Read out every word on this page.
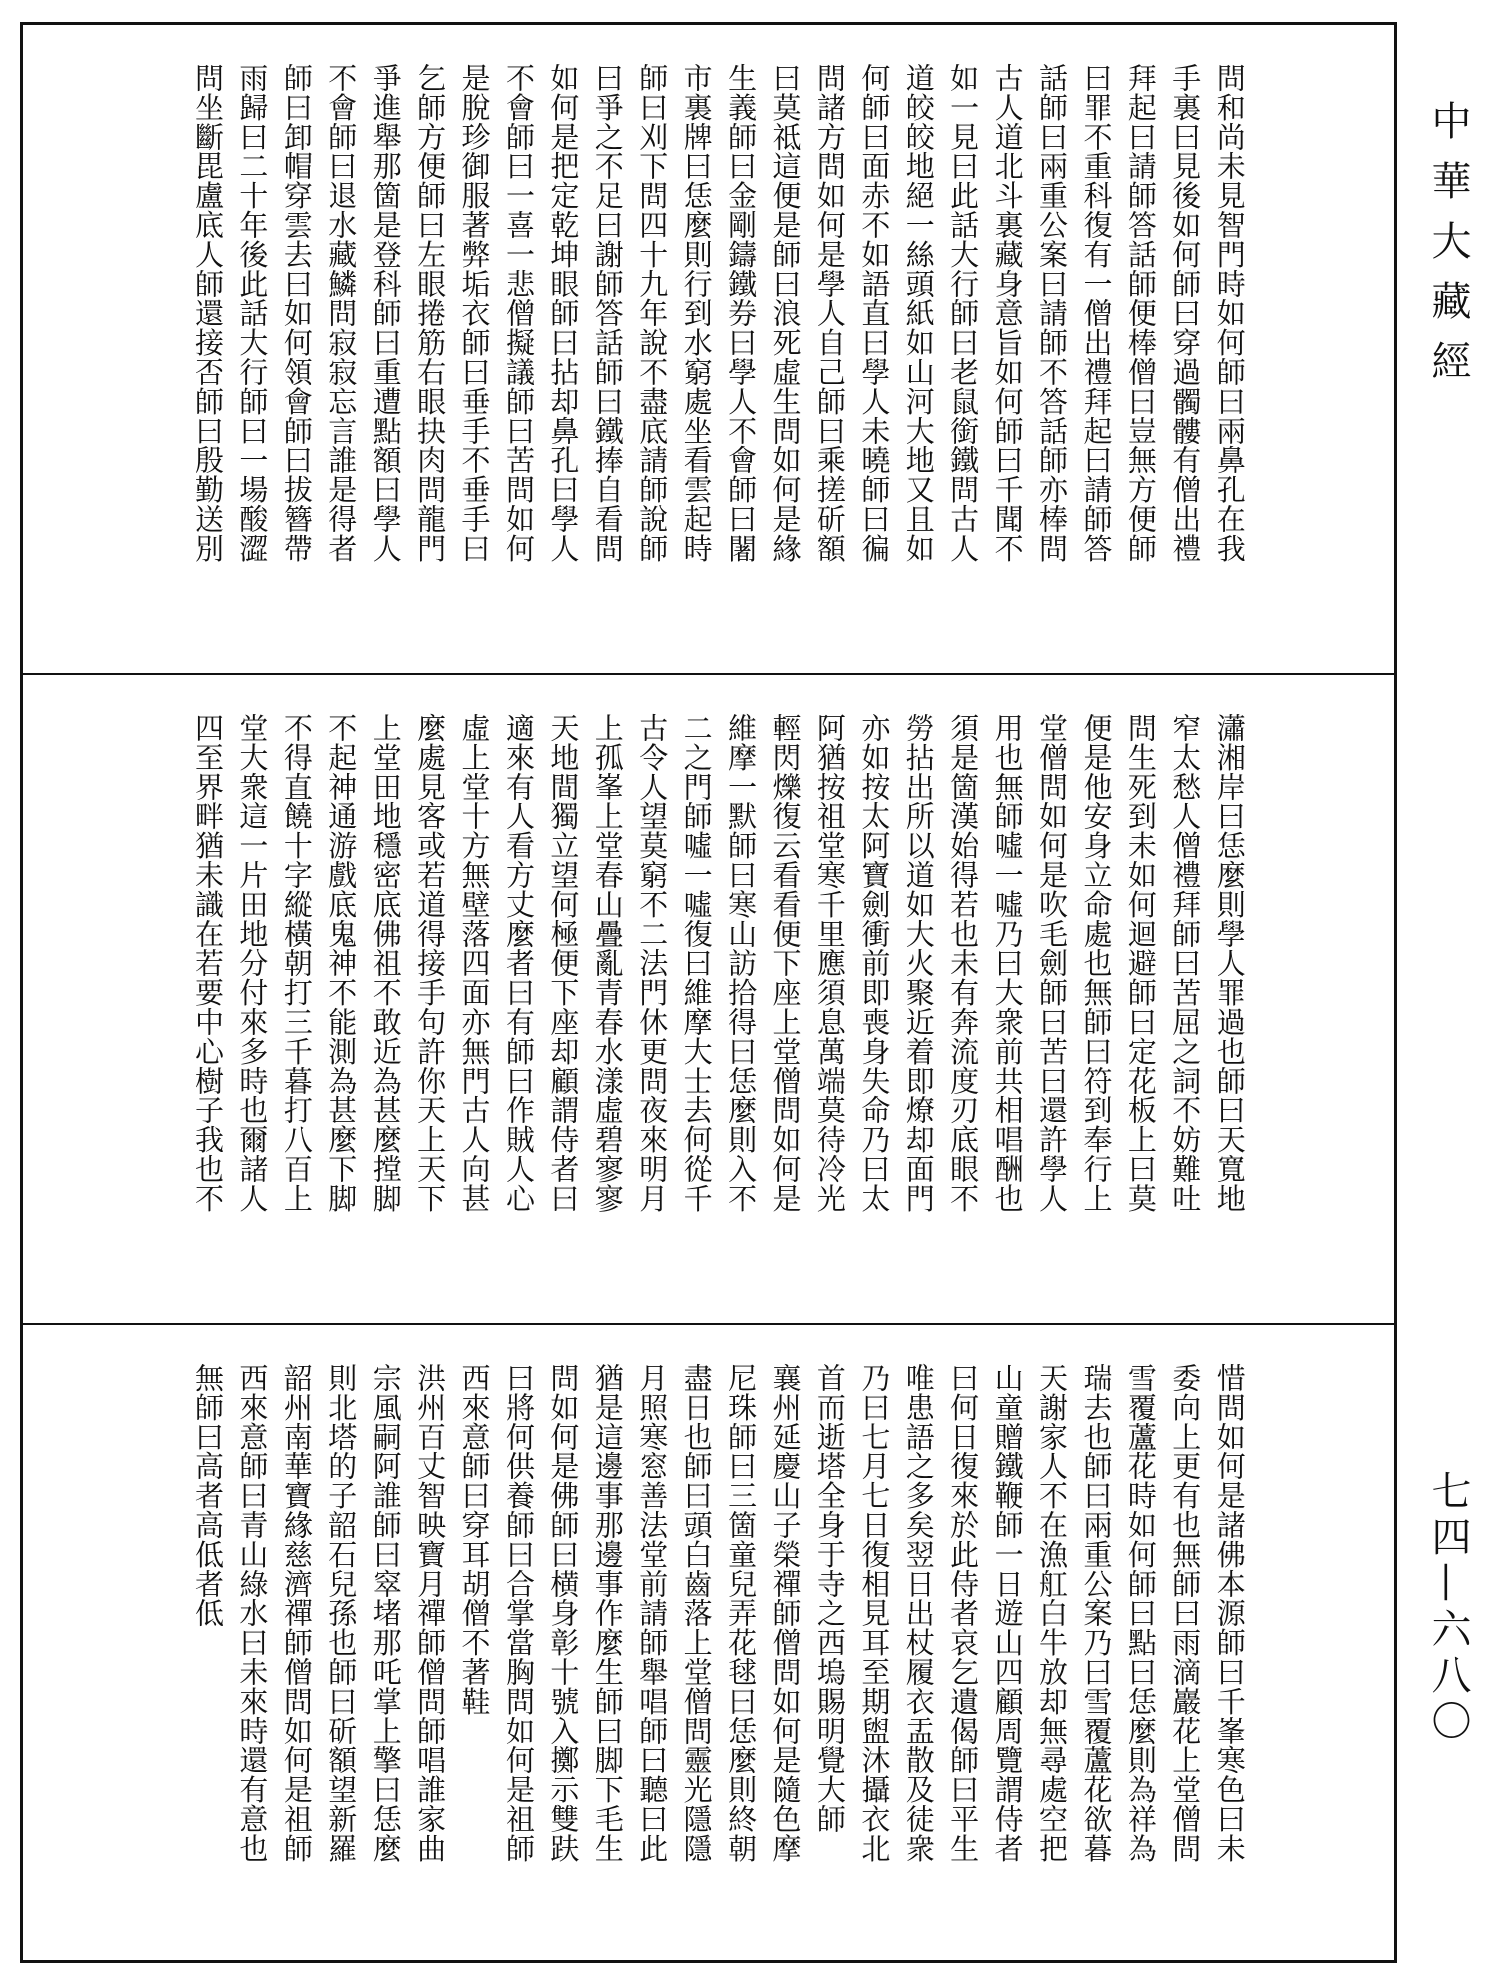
問和尚未見智門時如何師曰兩鼻孔在我
手裏曰見後如何師曰穿過髑髏有僧出禮
拜起曰請師答話師便棒僧曰豈無方便師
曰罪不重科復有一僧出禮拜起曰請師答
話師曰兩重公案曰請師不答話師亦棒問
古人道北斗裏藏身意旨如何師曰千聞不
如一見曰此話大行師曰老鼠銜鐵問古人
道皎皎地絕一絲頭紙如山河大地又且如
何師曰面赤不如語直曰學人未曉師曰徧
問諸方問如何是學人自己師曰乘搓斫額
曰莫祗這便是師曰浪死虛生問如何是緣
生義師曰金剛鑄鐵券曰學人不會師曰闍
市裏牌曰恁麼則行到水窮處坐看雲起時
師曰刈下問四十九年說不盡底請師說師
曰爭之不足曰謝師答話師曰鐵捧自看問
如何是把定乾坤眼師曰拈却鼻孔曰學人
不會師曰一喜一悲僧擬議師曰苦問如何
是脫珍御服著弊垢衣師曰垂手不垂手曰
乞師方便師曰左眼捲筋右眼抉肉問龍門
爭進舉那箇是登科師曰重遭點額曰學人
不會師曰退水藏鱗問寂寂忘言誰是得者
師曰卸帽穿雲去曰如何領會師曰拔簪帶
雨歸曰二十年後此話大行師曰一場酸澀
問坐斷毘盧底人師還接否師曰殷勤送別
瀟湘岸曰恁麼則學人罪過也師曰天寬地
窄太愁人僧禮拜師曰苦屈之詞不妨難吐
問生死到未如何迴避師曰定花板上曰莫
便是他安身立命處也無師曰符到奉行上
堂僧問如何是吹毛劍師曰苦曰還許學人
用也無師噓一噓乃曰大衆前共相唱酬也
須是箇漢始得若也未有奔流度刃底眼不
勞拈出所以道如大火聚近着即燎却面門
亦如按太阿寶劍衝前即喪身失命乃曰太
阿猶按祖堂寒千里應須息萬端莫待冷光
輕閃爍復云看看便下座上堂僧問如何是
維摩一默師曰寒山訪拾得曰恁麼則入不
二之門師噓一噓復曰維摩大士去何從千
古令人望莫窮不二法門休更問夜來明月
上孤峯上堂春山疊亂青春水漾虛碧寥寥
天地間獨立望何極便下座却顧謂侍者曰
適來有人看方丈麼者曰有師曰作賊人心
虛上堂十方無壁落四面亦無門古人向甚
麼處見客或若道得接手句許你天上天下
上堂田地穩密底佛祖不敢近為甚麼摚脚
不起神通游戲底鬼神不能測為甚麼下脚
不得直饒十字縱橫朝打三千暮打八百上
堂大衆這一片田地分付來多時也爾諸人
四至界畔猶未識在若要中心樹子我也不
惜問如何是諸佛本源師曰千峯寒色曰未
委向上更有也無師曰雨滴巖花上堂僧問
雪覆蘆花時如何師曰點曰恁麼則為祥為
瑞去也師曰兩重公案乃曰雪覆蘆花欲暮
天謝家人不在漁舡白牛放却無尋處空把
山童贈鐵鞭師一日遊山四顧周覽謂侍者
曰何日復來於此侍者哀乞遺偈師曰平生
唯患語之多矣翌日出杖履衣盂散及徒衆
乃曰七月七日復相見耳至期盥沐攝衣北
首而逝塔全身于寺之西塢賜明覺大師
襄州延慶山子榮禪師僧問如何是隨色摩
尼珠師曰三箇童兒弄花毬曰恁麼則終朝
盡日也師曰頭白齒落上堂僧問靈光隱隱
月照寒窓善法堂前請師舉唱師曰聽曰此
猶是這邊事那邊事作麼生師曰脚下毛生
問如何是佛師曰横身彰十號入擲示雙趺
曰將何供養師曰合掌當胸問如何是祖師
西來意師曰穿耳胡僧不著鞋
洪州百丈智映寶月禪師僧問師唱誰家曲
宗風嗣阿誰師曰窣堵那吒掌上擎曰恁麼
則北塔的子韶石兒孫也師曰斫額望新羅
韶州南華寶緣慈濟禪師僧問如何是祖師
西來意師曰青山綠水曰未來時還有意也
無師曰高者高低者低
中華大藏經
七四—六八〇
